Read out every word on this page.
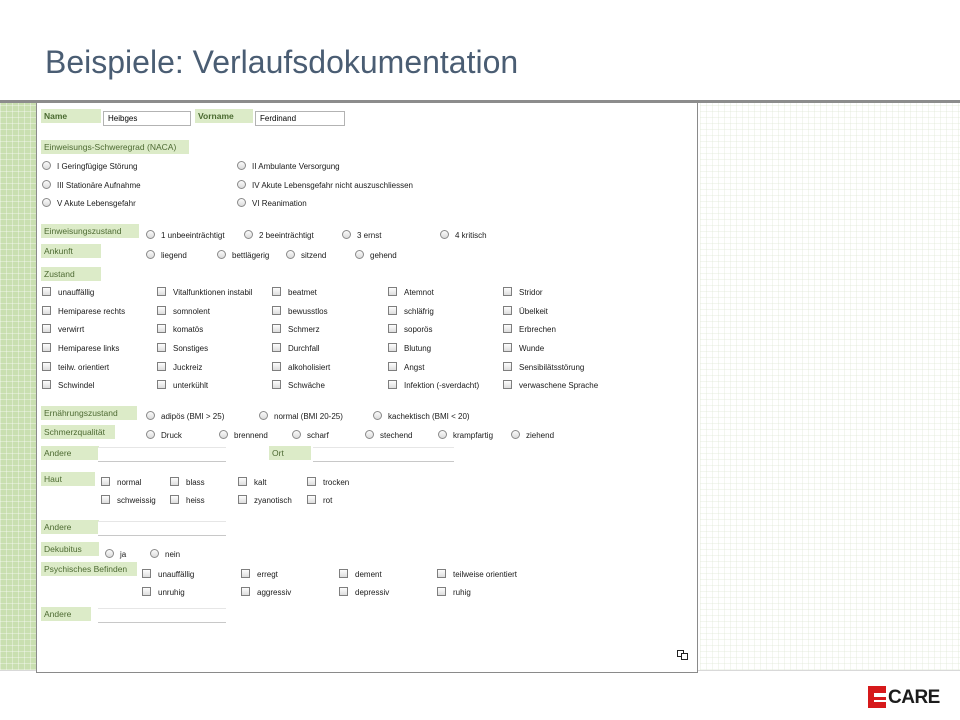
Beispiele: Verlaufsdokumentation
Name	Heibges	Vorname	Ferdinand
Einweisungs-Schweregrad (NACA)
I Geringfügige Störung	II Ambulante Versorgung
III Stationäre Aufnahme	IV Akute Lebensgefahr nicht auszuschliessen
V Akute Lebensgefahr	VI Reanimation
Einweisungszustand	1 unbeeinträchtigt	2 beeinträchtigt	3 ernst	4 kritisch
Ankunft	liegend	bettlägerig	sitzend	gehend
Zustand
Ernährungszustand	adipös (BMI > 25)	normal (BMI 20-25)	kachektisch (BMI < 20)
Schmerzqualität	Druck	brennend	scharf	stechend	krampfartig	ziehend
Andere	Ort
Haut	normal	blass	kalt	trocken
schweissig	heiss	zyanotisch	rot
Andere
Dekubitus
ja	nein
Psychisches Befinden
unauffällig	erregt	dement	teilweise orientiert
unruhig	aggressiv	depressiv	ruhig
Andere
unauffällig	Vitalfunktionen instabil	beatmet	Atemnot	Stridor
Hemiparese rechts	somnolent	bewusstlos	schläfrig	Übelkeit
verwirrt	komatös	Schmerz	soporös	Erbrechen
Hemiparese links	Sonstiges	Durchfall	Blutung	Wunde
teilw. orientiert	Juckreiz	alkoholisiert	Angst	Sensibilätsstörung
Schwindel	unterkühlt	Schwäche	Infektion (-sverdacht)	verwaschene Sprache
CARE
